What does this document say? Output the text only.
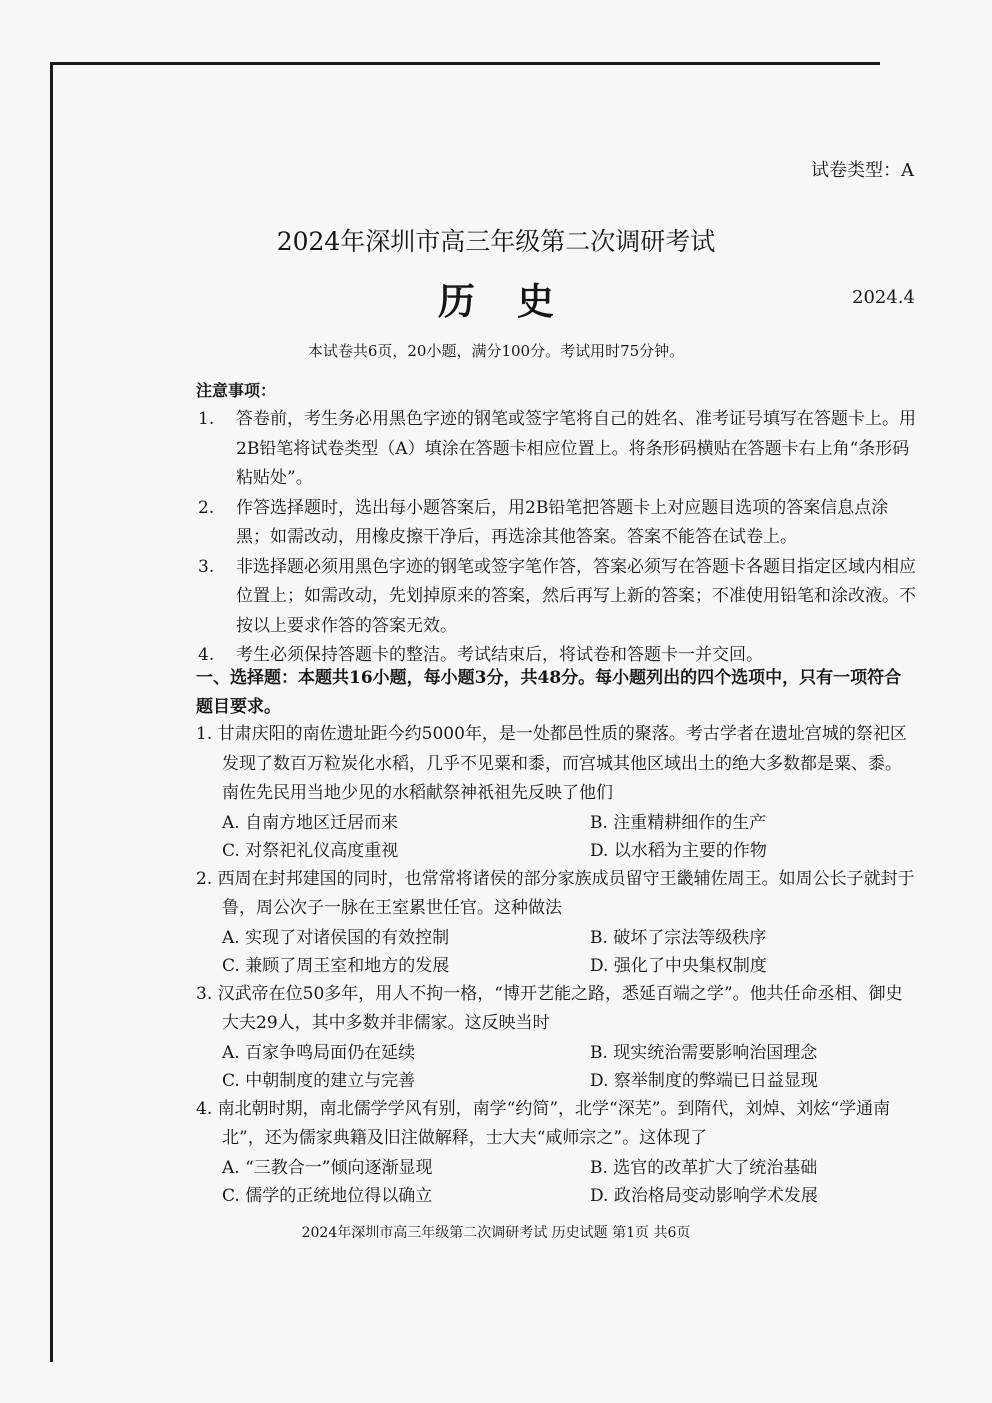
试卷类型：A
2024年深圳市高三年级第二次调研考试
历史	2024.4
本试卷共6页，20小题，满分100分。考试用时75分钟。
注意事项：
1. 答卷前，考生务必用黑色字迹的钢笔或签字笔将自己的姓名、准考证号填写在答题卡上。用2B铅笔将试卷类型（A）填涂在答题卡相应位置上。将条形码横贴在答题卡右上角“条形码粘贴处”。
2. 作答选择题时，选出每小题答案后，用2B铅笔把答题卡上对应题目选项的答案信息点涂黑；如需改动，用橡皮擦干净后，再选涂其他答案。答案不能答在试卷上。
3. 非选择题必须用黑色字迹的钢笔或签字笔作答，答案必须写在答题卡各题目指定区域内相应位置上；如需改动，先划掉原来的答案，然后再写上新的答案；不准使用铅笔和涂改液。不按以上要求作答的答案无效。
4. 考生必须保持答题卡的整洁。考试结束后，将试卷和答题卡一并交回。
一、选择题：本题共16小题，每小题3分，共48分。每小题列出的四个选项中，只有一项符合题目要求。
1. 甘肃庆阳的南佐遗址距今约5000年，是一处都邑性质的聚落。考古学者在遗址宫城的祭祀区发现了数百万粒炭化水稻，几乎不见粟和黍，而宫城其他区域出土的绝大多数都是粟、黍。南佐先民用当地少见的水稻献祭神祇祖先反映了他们
A. 自南方地区迁居而来	B. 注重精耕细作的生产
C. 对祭祀礼仪高度重视	D. 以水稻为主要的作物
2. 西周在封邦建国的同时，也常常将诸侯的部分家族成员留守王畿辅佐周王。如周公长子就封于鲁，周公次子一脉在王室累世任官。这种做法
A. 实现了对诸侯国的有效控制	B. 破坏了宗法等级秩序
C. 兼顾了周王室和地方的发展	D. 强化了中央集权制度
3. 汉武帝在位50多年，用人不拘一格，“博开艺能之路，悉延百端之学”。他共任命丞相、御史大夫29人，其中多数并非儒家。这反映当时
A. 百家争鸣局面仍在延续	B. 现实统治需要影响治国理念
C. 中朝制度的建立与完善	D. 察举制度的弊端已日益显现
4. 南北朝时期，南北儒学学风有别，南学“约简”，北学“深芜”。到隋代，刘焯、刘炫“学通南北”，还为儒家典籍及旧注做解释，士大夫“咸师宗之”。这体现了
A. “三教合一”倾向逐渐显现	B. 选官的改革扩大了统治基础
C. 儒学的正统地位得以确立	D. 政治格局变动影响学术发展
2024年深圳市高三年级第二次调研考试 历史试题 第1页 共6页
